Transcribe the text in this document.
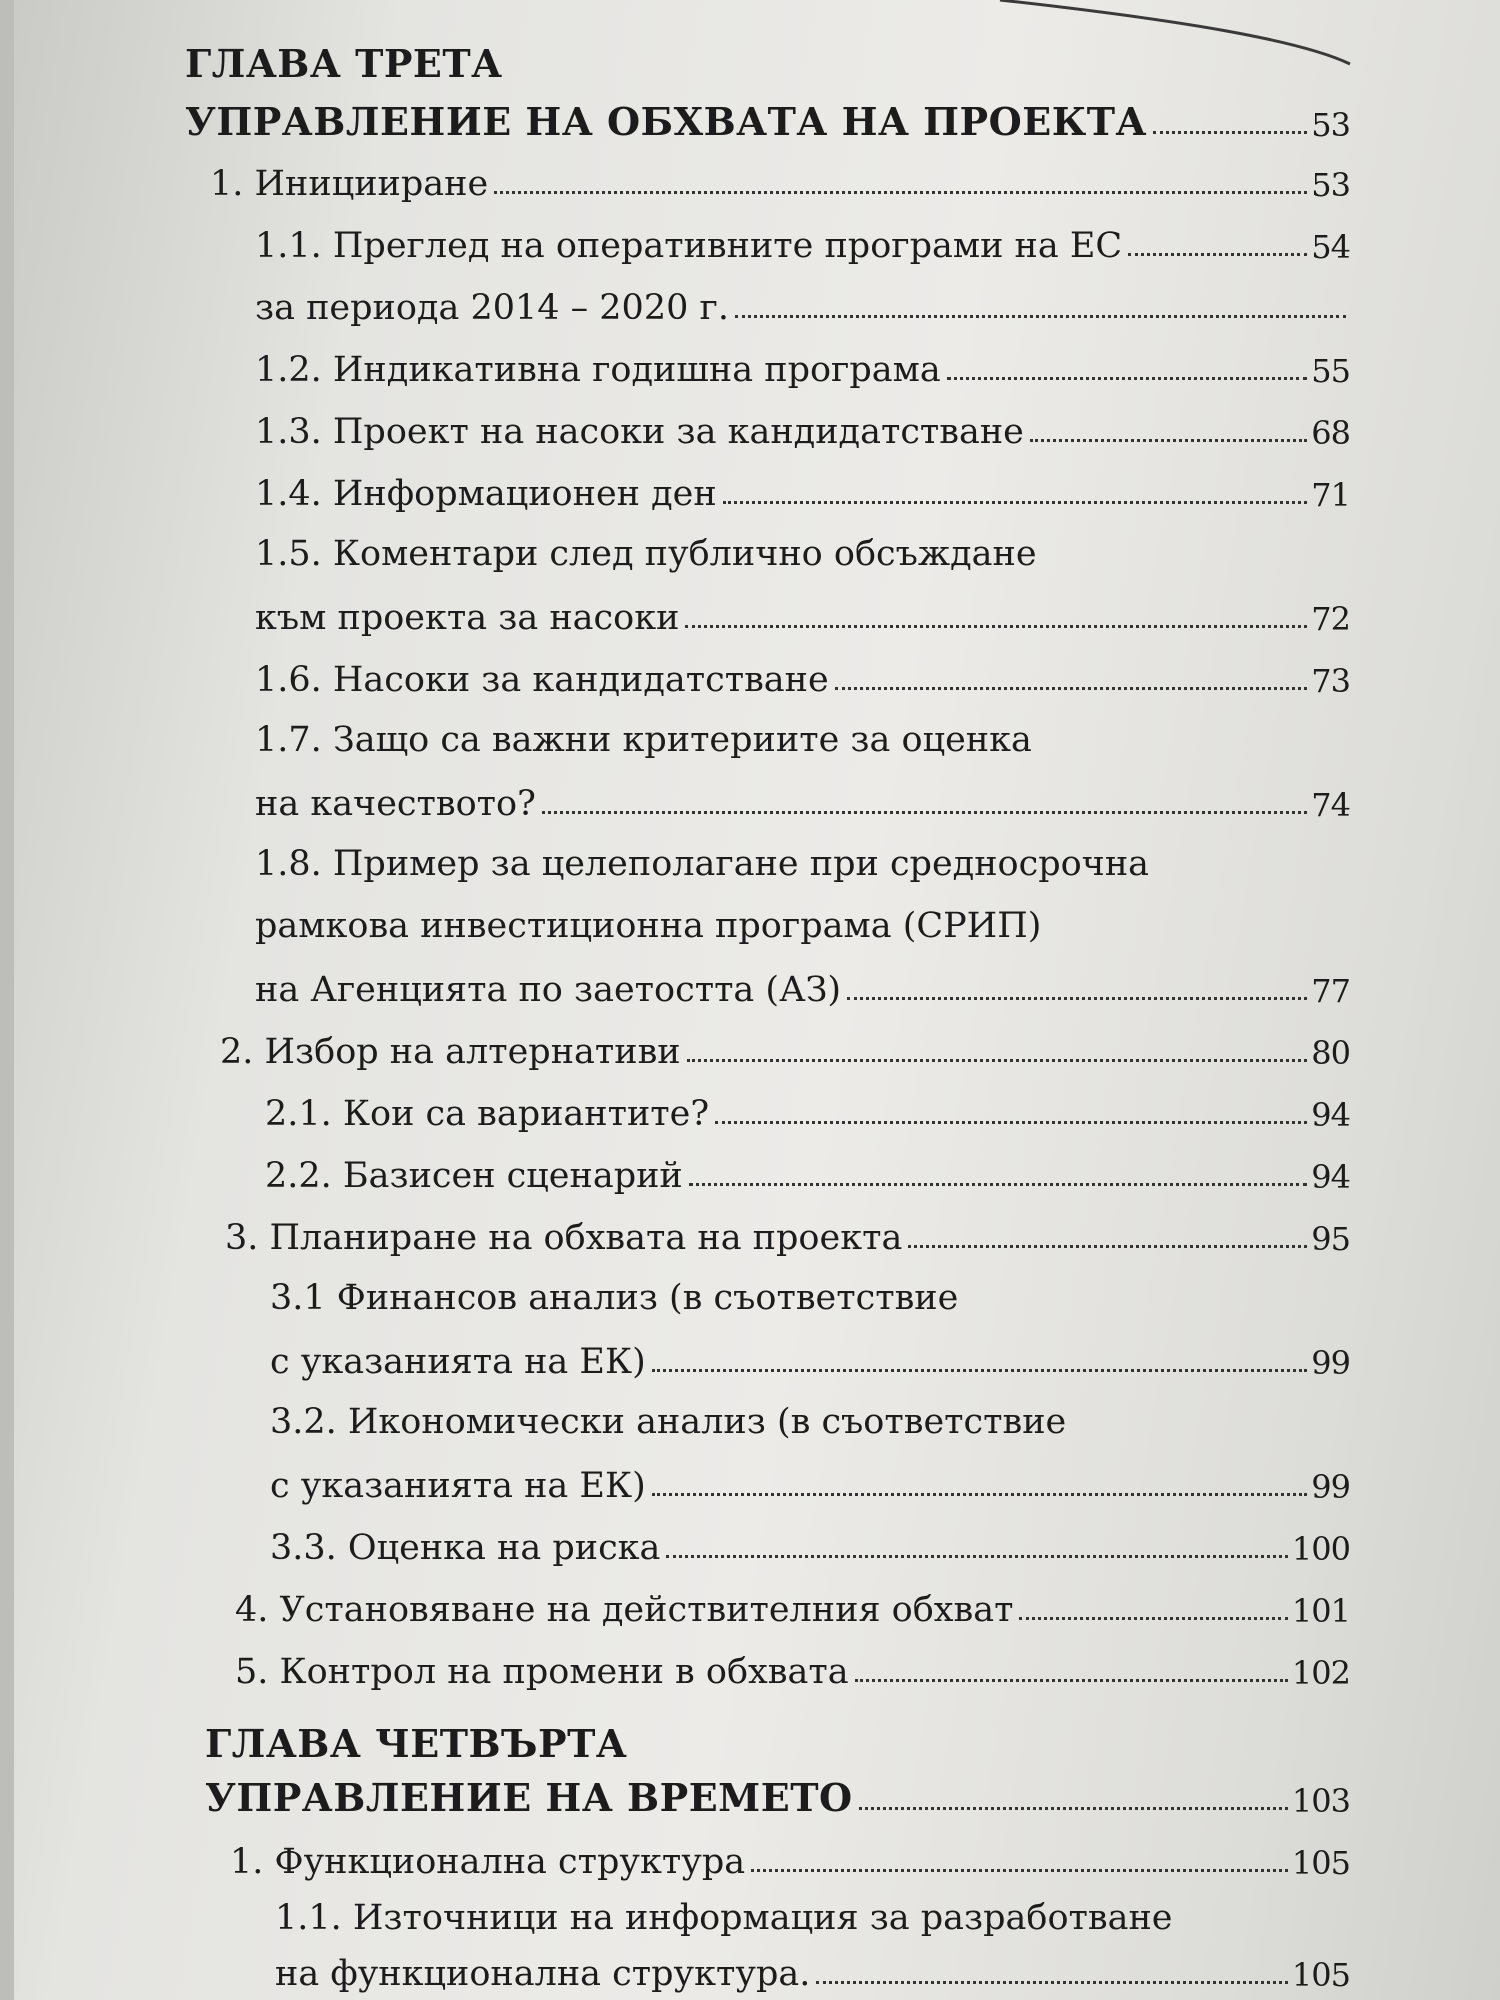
ГЛАВА ТРЕТА
УПРАВЛЕНИЕ НА ОБХВАТА НА ПРОЕКТА	53
1. Иницииране	53
1.1. Преглед на оперативните програми на ЕС	54
за периода 2014 – 2020 г.
1.2. Индикативна годишна програма	55
1.3. Проект на насоки за кандидатстване	68
1.4. Информационен ден	71
1.5. Коментари след публично обсъждане
към проекта за насоки	72
1.6. Насоки за кандидатстване	73
1.7. Защо са важни критериите за оценка
на качеството?	74
1.8. Пример за целеполагане при средносрочна
рамкова инвестиционна програма (СРИП)
на Агенцията по заетостта (АЗ)	77
2. Избор на алтернативи	80
2.1. Кои са вариантите?	94
2.2. Базисен сценарий	94
3. Планиране на обхвата на проекта	95
3.1 Финансов анализ (в съответствие
с указанията на ЕК)	99
3.2. Икономически анализ (в съответствие
с указанията на ЕК)	99
3.3. Оценка на риска	100
4. Установяване на действителния обхват	101
5. Контрол на промени в обхвата	102
ГЛАВА ЧЕТВЪРТА
УПРАВЛЕНИЕ НА ВРЕМЕТО	103
1. Функционална структура	105
1.1. Източници на информация за разработване
на функционална структура.	105
